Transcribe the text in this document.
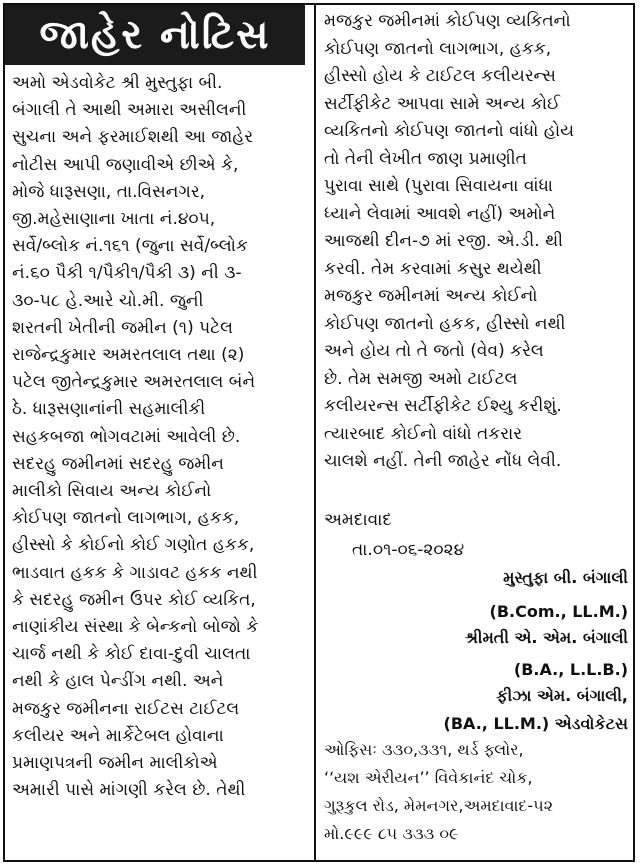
જાહેર નોટિસ
અમો એડવોકેટ શ્રી મુસ્તુફા બી.
બંગાલી તે આથી અમારા અસીલની
સુચના અને ફરમાઈશથી આ જાહેર
નોટીસ આપી જણાવીએ છીએ કે,
મોજે ધારૂસણા, તા.વિસનગર,
જી.મહેસાણાના ખાતા નં.૪૦૫,
સર્વે/બ્લોક નં.૧૬૧ (જુના સર્વે/બ્લોક
નં.૬૦ પૈકી ૧/પૈકી૧/પૈકી ૩) ની ૩-
૩૦-૫૮ હે.આરે ચો.મી. જુની
શરતની ખેતીની જમીન (૧) પટેલ
રાજેન્દ્રકુમાર અમરતલાલ તથા (૨)
પટેલ જીતેન્દ્રકુમાર અમરતલાલ બંને
ઠે. ધારૂસણાનાંની સહમાલીકી
સહકબજા ભોગવટામાં આવેલી છે.
સદરહુ જમીનમાં સદરહુ જમીન
માલીકો સિવાય અન્ય કોઈનો
કોઈપણ જાતનો લાગભાગ, હકક,
હીસ્સો કે કોઈનો કોઈ ગણોત હકક,
ભાડવાત હકક કે ગાડાવટ હકક નથી
કે સદરહુ જમીન ઉપર કોઈ વ્યકિત,
નાણાંકીય સંસ્થા કે બેન્કનો બોજો કે
ચાર્જ નથી કે કોઈ દાવા-દુવી ચાલતા
નથી કે હાલ પેન્ડીંગ નથી. અને
મજકુર જમીનના રાઈટસ ટાઈટલ
કલીયર અને માર્કેટેબલ હોવાના
પ્રમાણપત્રની જમીન માલીકોએ
અમારી પાસે માંગણી કરેલ છે. તેથી
મજકુર જમીનમાં કોઈપણ વ્યકિતનો
કોઈપણ જાતનો લાગભાગ, હકક,
હીસ્સો હોય કે ટાઈટલ કલીયરન્સ
સર્ટીફીકેટ આપવા સામે અન્ય કોઈ
વ્યકિતનો કોઈપણ જાતનો વાંધો હોય
તો તેની લેખીત જાણ પ્રમાણીત
પુરાવા સાથે (પુરાવા સિવાયના વાંધા
ધ્યાને લેવામાં આવશે નહીં) અમોને
આજથી દીન-૭ માં રજી. એ.ડી. થી
કરવી. તેમ કરવામાં કસુર થયેથી
મજકુર જમીનમાં અન્ય કોઈનો
કોઈપણ જાતનો હકક, હીસ્સો નથી
અને હોય તો તે જતો (વેવ) કરેલ
છે. તેમ સમજી અમો ટાઈટલ
કલીયરન્સ સર્ટીફીકેટ ઈશ્યુ કરીશું.
ત્યારબાદ કોઈનો વાંધો તકરાર
ચાલશે નહીં. તેની જાહેર નોંધ લેવી.
અમદાવાદ
તા.૦૧-૦૬-૨૦૨૪
મુસ્તુફા બી. બંગાલી
(B.Com., LL.M.)
શ્રીમતી એ. એમ. બંગાલી
(B.A., L.L.B.)
ફીઝા એમ. બંગાલી,
(BA., LL.M.) એડવોકેટસ
ઓફિસઃ ૩૩૦,૩૩૧, થર્ડ ફ્લોર,
‘‘યશ એરીયન’’ વિવેકાનંદ ચોક,
ગુરૂકુલ રોડ, મેમનગર,અમદાવાદ-૫૨
મો.૯૯૯ ૮૫ ૩૩૩ ૦૯
